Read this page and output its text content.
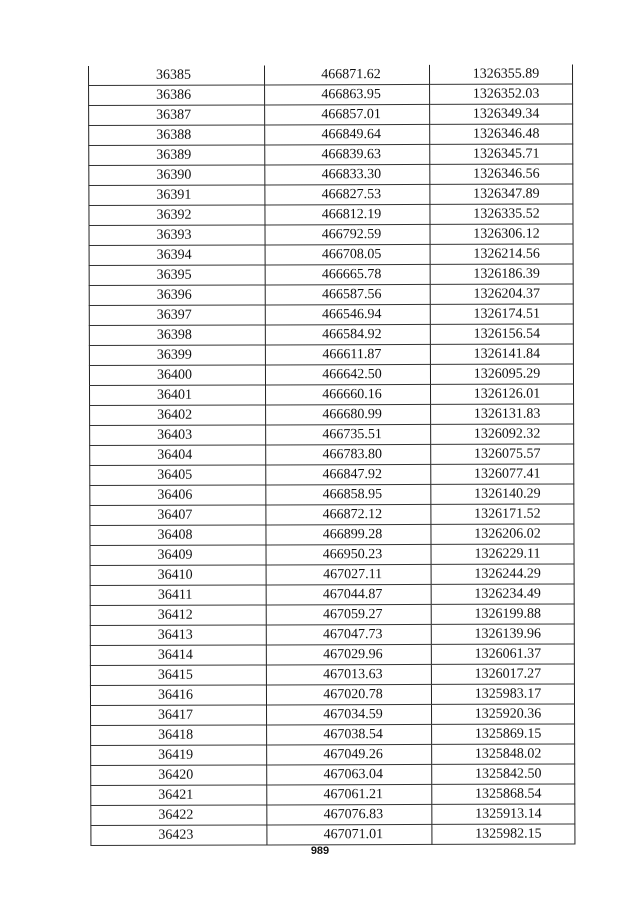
36385	466871.62	1326355.89
36386	466863.95	1326352.03
36387	466857.01	1326349.34
36388	466849.64	1326346.48
36389	466839.63	1326345.71
36390	466833.30	1326346.56
36391	466827.53	1326347.89
36392	466812.19	1326335.52
36393	466792.59	1326306.12
36394	466708.05	1326214.56
36395	466665.78	1326186.39
36396	466587.56	1326204.37
36397	466546.94	1326174.51
36398	466584.92	1326156.54
36399	466611.87	1326141.84
36400	466642.50	1326095.29
36401	466660.16	1326126.01
36402	466680.99	1326131.83
36403	466735.51	1326092.32
36404	466783.80	1326075.57
36405	466847.92	1326077.41
36406	466858.95	1326140.29
36407	466872.12	1326171.52
36408	466899.28	1326206.02
36409	466950.23	1326229.11
36410	467027.11	1326244.29
36411	467044.87	1326234.49
36412	467059.27	1326199.88
36413	467047.73	1326139.96
36414	467029.96	1326061.37
36415	467013.63	1326017.27
36416	467020.78	1325983.17
36417	467034.59	1325920.36
36418	467038.54	1325869.15
36419	467049.26	1325848.02
36420	467063.04	1325842.50
36421	467061.21	1325868.54
36422	467076.83	1325913.14
36423	467071.01	1325982.15
989
